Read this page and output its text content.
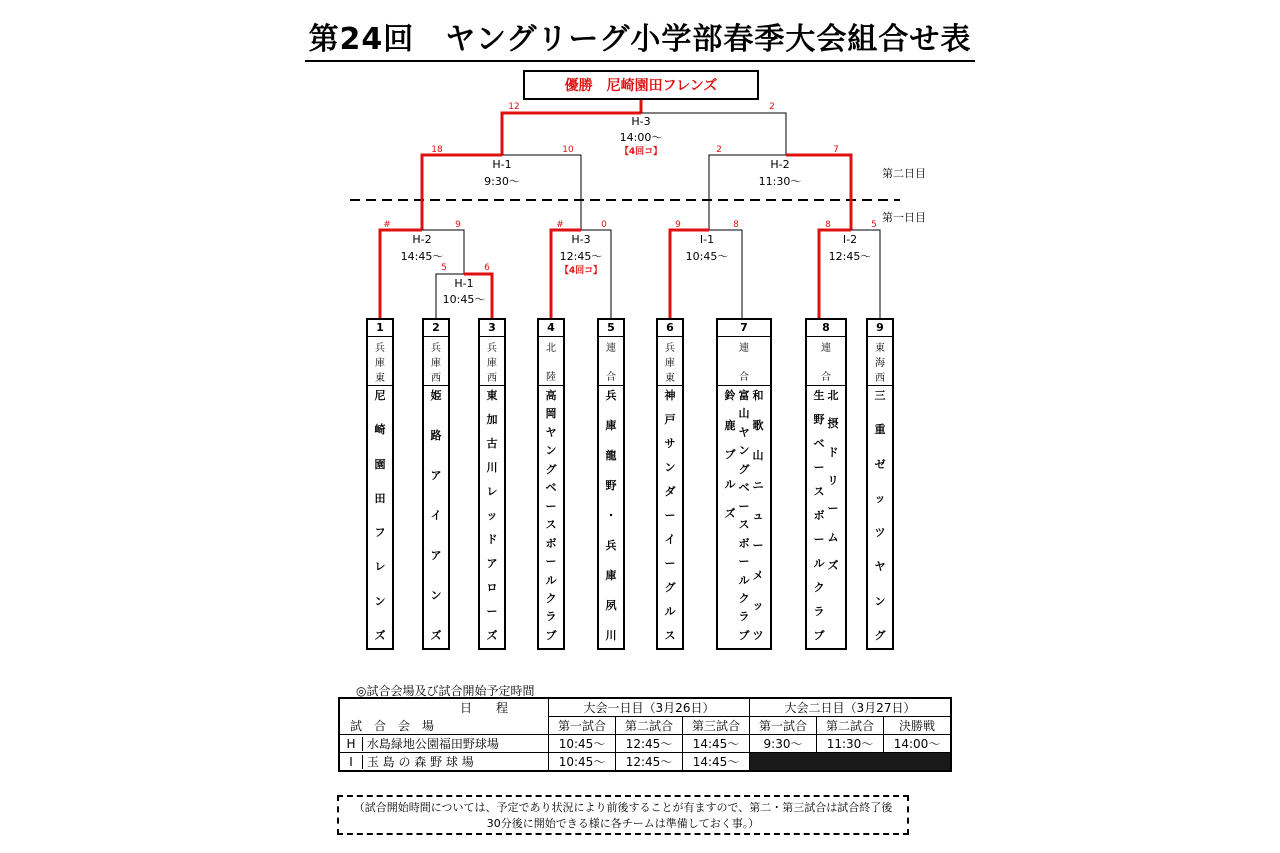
第24回　ヤングリーグ小学部春季大会組合せ表
優勝　尼崎園田フレンズ
第二日目
第一日目
12	2
H-3
14:00〜
【4回コ】
18	10
H-1
9:30〜
2	7
H-2
11:30〜
#	9
H-2
14:45〜
5	6
H-1
10:45〜
#	0
H-3
12:45〜
【4回コ】
9	8
I-1
10:45〜
8	5
I-2
12:45〜
1
兵
庫
東
尼
崎
園
田
フ
レ
ン
ズ
2
兵
庫
西
姫
路
ア
イ
ア
ン
ズ
3
兵
庫
西
東
加
古
川
レ
ッ
ド
ア
ロ
ー
ズ
4
北
陸
高
岡
ヤ
ン
グ
ベ
ー
ス
ボ
ー
ル
ク
ラ
ブ
5
連
合
兵
庫
龍
野
・
兵
庫
夙
川
6
兵
庫
東
神
戸
サ
ン
ダ
ー
イ
ー
グ
ル
ス
7
連
合
和
歌
山
ニ
ュ
ー
メ
ッ
ツ
富
山
ヤ
ン
グ
ベ
ー
ス
ボ
ー
ル
ク
ラ
ブ
鈴
鹿
ブ
ル
ズ
8
連
合
北
摂
ド
リ
ー
ム
ズ
生
野
ベ
ー
ス
ボ
ー
ル
ク
ラ
ブ
9
東
海
西
三
重
ゼ
ッ
ツ
ヤ
ン
グ
◎試合会場及び試合開始予定時間
日　　程	大会一日目（3月26日）			大会二日目（3月27日）		
試　合　会　場	第一試合	第二試合	第三試合	第一試合	第二試合	決勝戦
H 水島緑地公園福田野球場	10:45〜	12:45〜	14:45〜	9:30〜	11:30〜	14:00〜
I 玉 島 の 森 野 球 場	10:45〜	12:45〜	14:45〜			
（試合開始時間については、予定であり状況により前後することが有ますので、第二・第三試合は試合終了後30分後に開始できる様に各チームは準備しておく事。）
